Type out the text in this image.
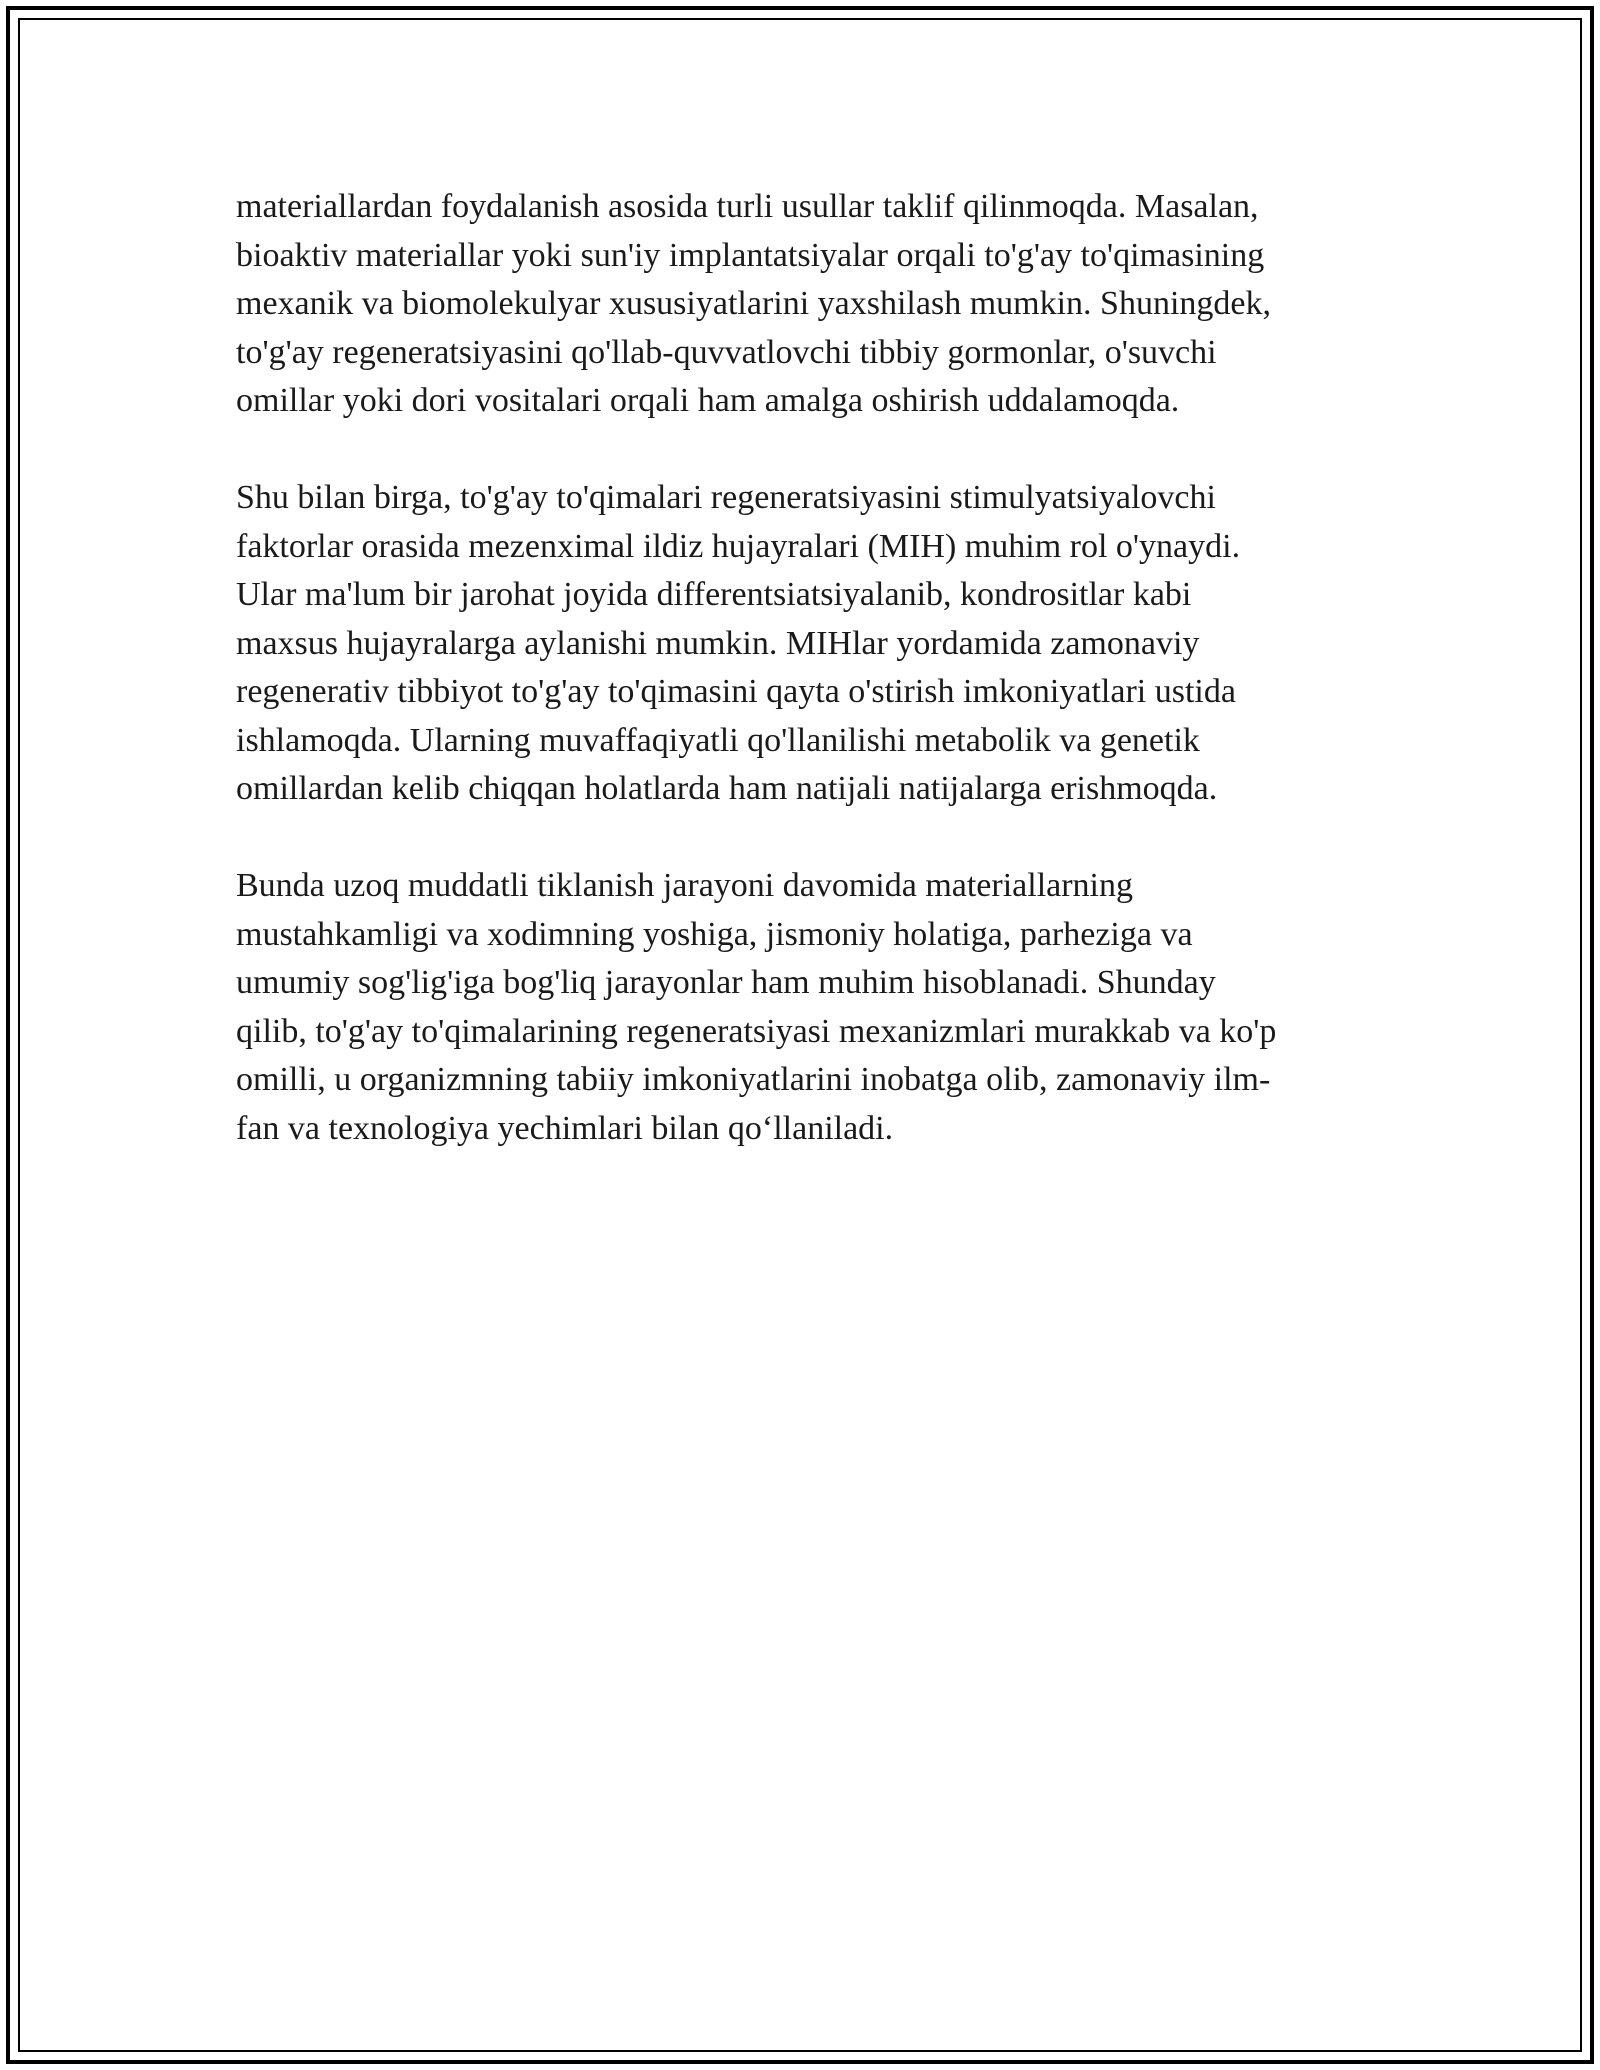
materiallardan foydalanish asosida turli usullar taklif qilinmoqda. Masalan,
bioaktiv materiallar yoki sun'iy implantatsiyalar orqali to'g'ay to'qimasining
mexanik va biomolekulyar xususiyatlarini yaxshilash mumkin. Shuningdek,
to'g'ay regeneratsiyasini qo'llab-quvvatlovchi tibbiy gormonlar, o'suvchi
omillar yoki dori vositalari orqali ham amalga oshirish uddalamoqda.

Shu bilan birga, to'g'ay to'qimalari regeneratsiyasini stimulyatsiyalovchi
faktorlar orasida mezenximal ildiz hujayralari (MIH) muhim rol o'ynaydi.
Ular ma'lum bir jarohat joyida differentsiatsiyalanib, kondrositlar kabi
maxsus hujayralarga aylanishi mumkin. MIHlar yordamida zamonaviy
regenerativ tibbiyot to'g'ay to'qimasini qayta o'stirish imkoniyatlari ustida
ishlamoqda. Ularning muvaffaqiyatli qo'llanilishi metabolik va genetik
omillardan kelib chiqqan holatlarda ham natijali natijalarga erishmoqda.

Bunda uzoq muddatli tiklanish jarayoni davomida materiallarning
mustahkamligi va xodimning yoshiga, jismoniy holatiga, parheziga va
umumiy sog'lig'iga bog'liq jarayonlar ham muhim hisoblanadi. Shunday
qilib, to'g'ay to'qimalarining regeneratsiyasi mexanizmlari murakkab va ko'p
omilli, u organizmning tabiiy imkoniyatlarini inobatga olib, zamonaviy ilm-
fan va texnologiya yechimlari bilan qo‘llaniladi.
